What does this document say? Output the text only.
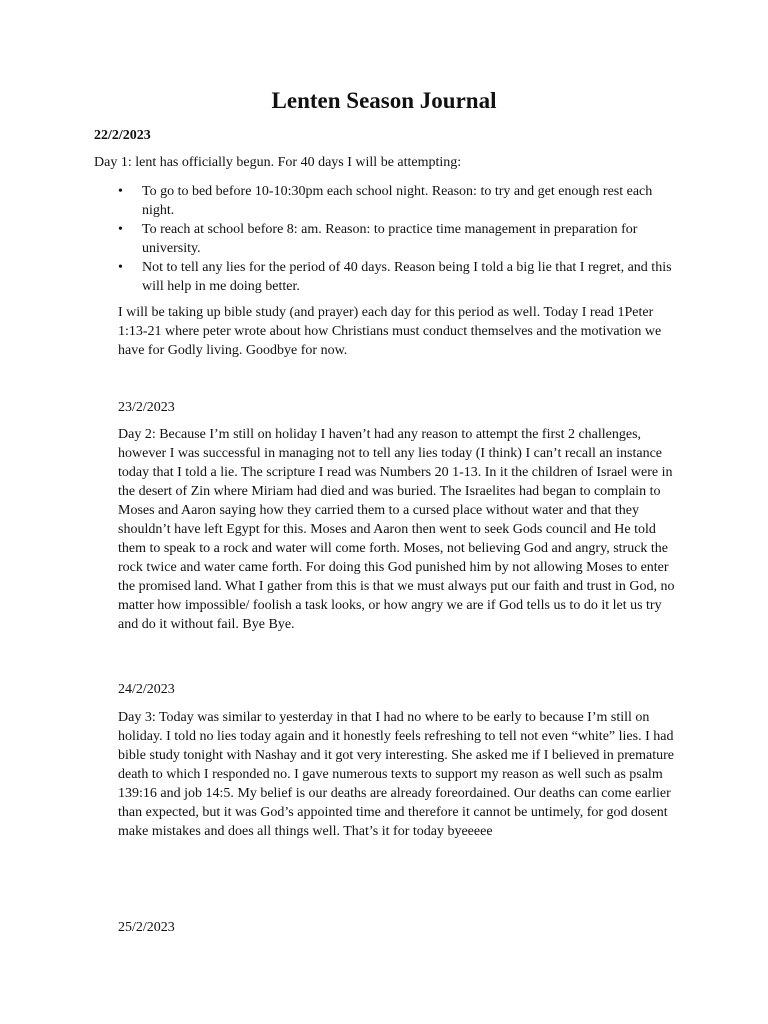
Lenten Season Journal
22/2/2023
Day 1: lent has officially begun. For 40 days I will be attempting:
• To go to bed before 10-10:30pm each school night. Reason: to try and get enough rest each night.
• To reach at school before 8: am. Reason: to practice time management in preparation for university.
• Not to tell any lies for the period of 40 days. Reason being I told a big lie that I regret, and this will help in me doing better.

I will be taking up bible study (and prayer) each day for this period as well. Today I read 1Peter 1:13-21 where peter wrote about how Christians must conduct themselves and the motivation we have for Godly living. Goodbye for now.

23/2/2023

Day 2: Because I’m still on holiday I haven’t had any reason to attempt the first 2 challenges, however I was successful in managing not to tell any lies today (I think) I can’t recall an instance today that I told a lie. The scripture I read was Numbers 20 1-13. In it the children of Israel were in the desert of Zin where Miriam had died and was buried. The Israelites had began to complain to Moses and Aaron saying how they carried them to a cursed place without water and that they shouldn’t have left Egypt for this. Moses and Aaron then went to seek Gods council and He told them to speak to a rock and water will come forth. Moses, not believing God and angry, struck the rock twice and water came forth. For doing this God punished him by not allowing Moses to enter the promised land. What I gather from this is that we must always put our faith and trust in God, no matter how impossible/ foolish a task looks, or how angry we are if God tells us to do it let us try and do it without fail. Bye Bye.

24/2/2023

Day 3: Today was similar to yesterday in that I had no where to be early to because I’m still on holiday. I told no lies today again and it honestly feels refreshing to tell not even “white” lies. I had bible study tonight with Nashay and it got very interesting. She asked me if I believed in premature death to which I responded no. I gave numerous texts to support my reason as well such as psalm 139:16 and job 14:5. My belief is our deaths are already foreordained. Our deaths can come earlier than expected, but it was God’s appointed time and therefore it cannot be untimely, for god dosent make mistakes and does all things well. That’s it for today byeeeee

25/2/2023
